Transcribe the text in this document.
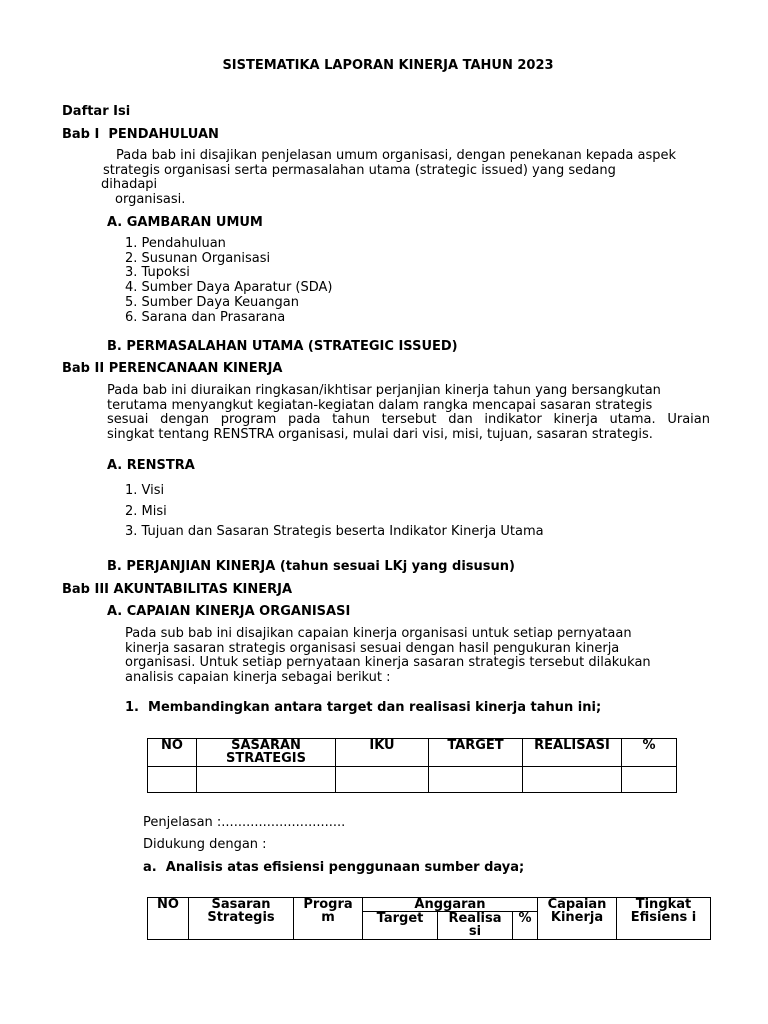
SISTEMATIKA LAPORAN KINERJA TAHUN 2023
Daftar Isi
Bab I  PENDAHULUAN
Pada bab ini disajikan penjelasan umum organisasi, dengan penekanan kepada aspek
strategis organisasi serta permasalahan utama (strategic issued) yang sedang
dihadapi
organisasi.
A. GAMBARAN UMUM
1. Pendahuluan
2. Susunan Organisasi
3. Tupoksi
4. Sumber Daya Aparatur (SDA)
5. Sumber Daya Keuangan
6. Sarana dan Prasarana
B. PERMASALAHAN UTAMA (STRATEGIC ISSUED)
Bab II PERENCANAAN KINERJA
Pada bab ini diuraikan ringkasan/ikhtisar perjanjian kinerja tahun yang bersangkutan
terutama menyangkut kegiatan-kegiatan dalam rangka mencapai sasaran strategis
sesuai dengan program pada tahun tersebut dan indikator kinerja utama. Uraian
singkat tentang RENSTRA organisasi, mulai dari visi, misi, tujuan, sasaran strategis.
A. RENSTRA
1. Visi
2. Misi
3. Tujuan dan Sasaran Strategis beserta Indikator Kinerja Utama
B. PERJANJIAN KINERJA (tahun sesuai LKj yang disusun)
Bab III AKUNTABILITAS KINERJA
A. CAPAIAN KINERJA ORGANISASI
Pada sub bab ini disajikan capaian kinerja organisasi untuk setiap pernyataan
kinerja sasaran strategis organisasi sesuai dengan hasil pengukuran kinerja
organisasi. Untuk setiap pernyataan kinerja sasaran strategis tersebut dilakukan
analisis capaian kinerja sebagai berikut :
1.  Membandingkan antara target dan realisasi kinerja tahun ini;
NO	SASARAN STRATEGIS	IKU	TARGET	REALISASI	%

Penjelasan :..............................
Didukung dengan :
a.  Analisis atas efisiensi penggunaan sumber daya;
NO	Sasaran Strategis	Progra m	Anggaran			Capaian Kinerja	Tingkat Efisiens i
			Target	Realisa si	%		
